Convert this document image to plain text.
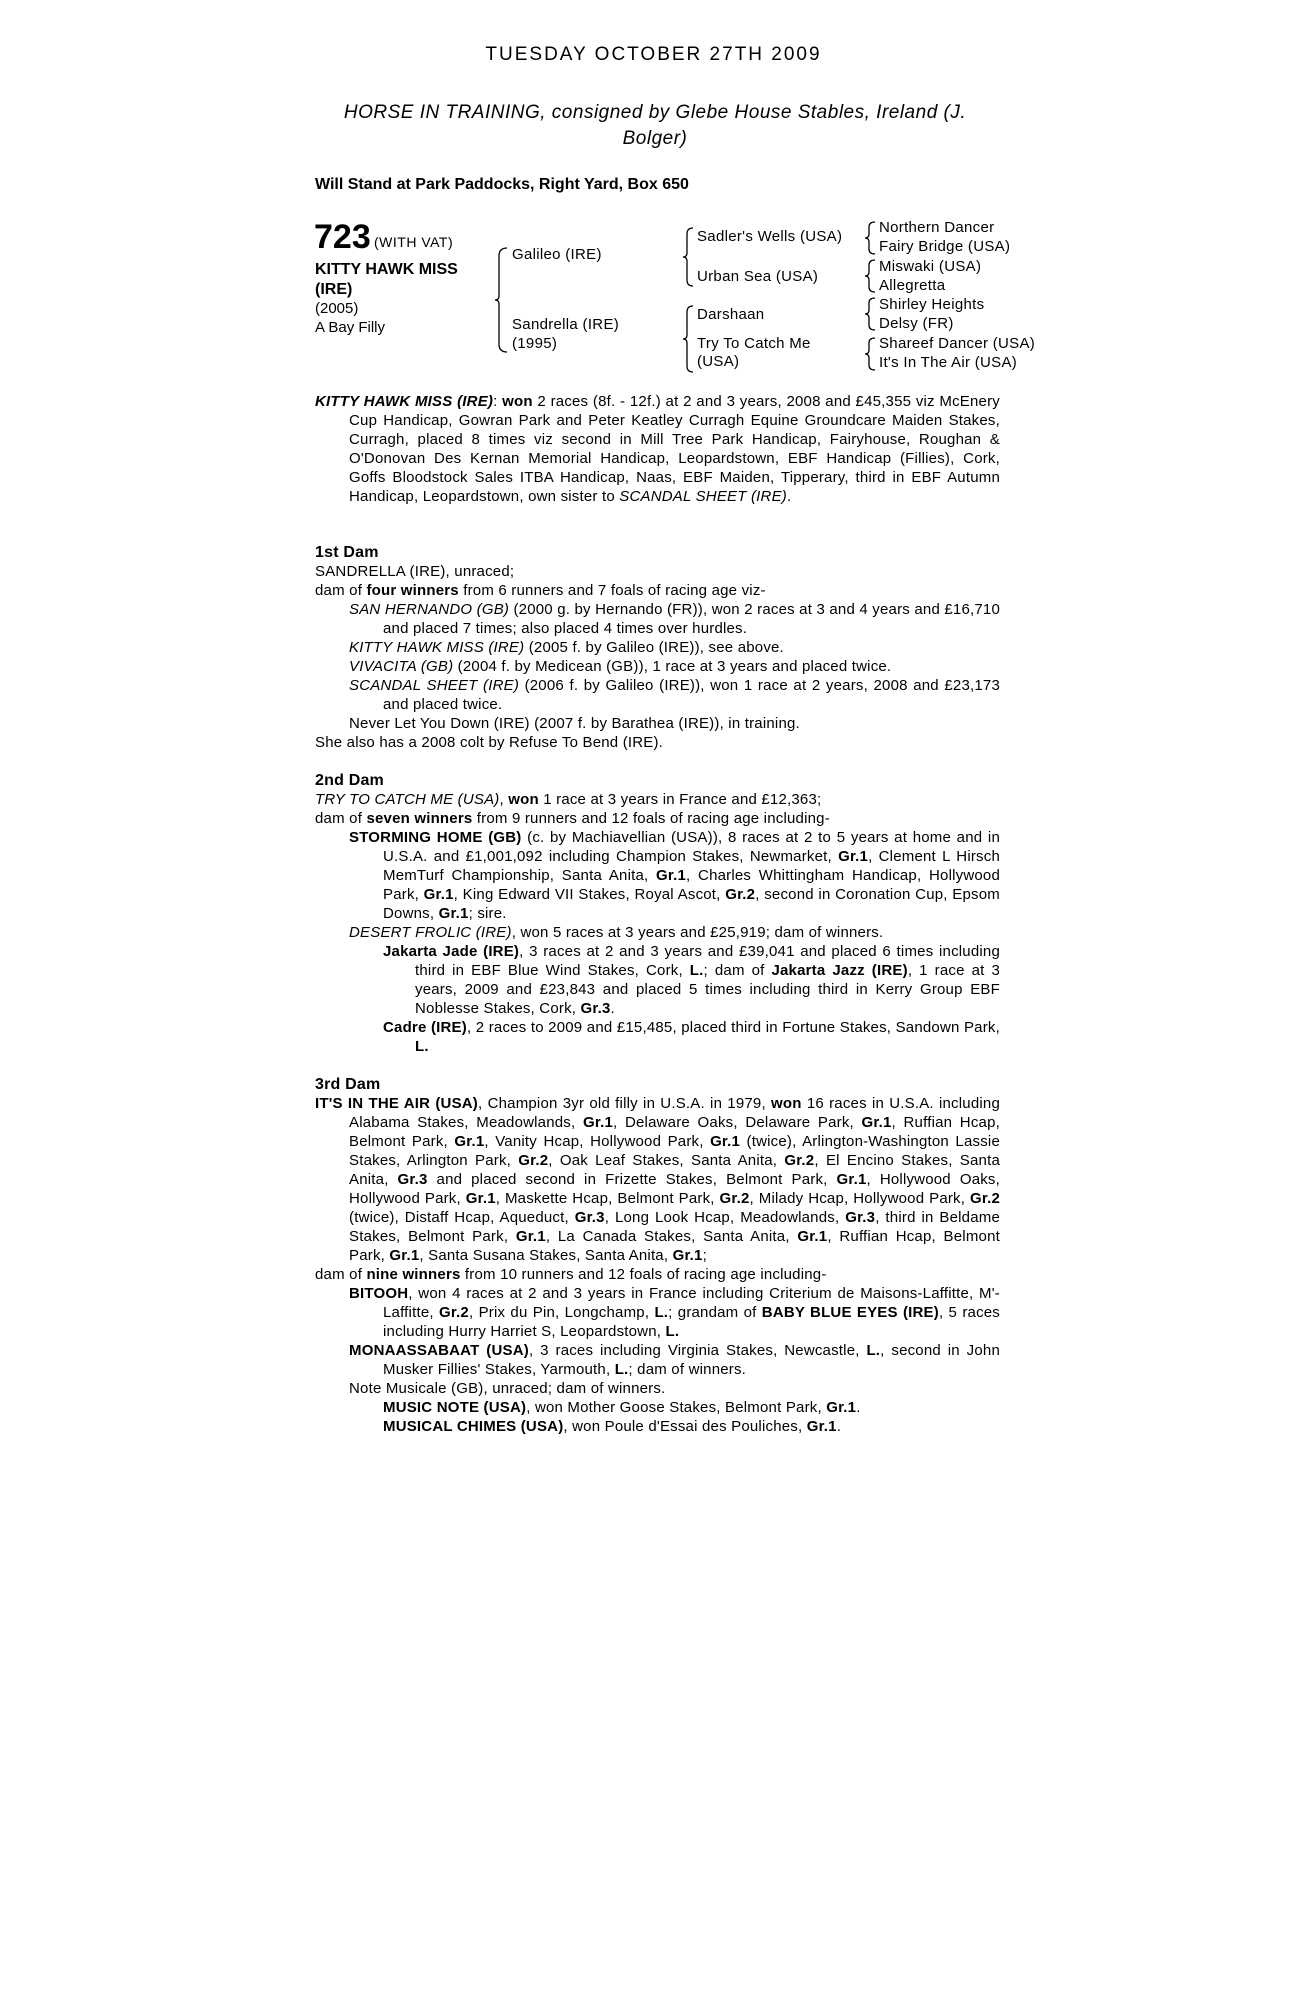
TUESDAY OCTOBER 27TH 2009
HORSE IN TRAINING, consigned by Glebe House Stables, Ireland (J.
Bolger)
Will Stand at Park Paddocks, Right Yard, Box 650
723 (WITH VAT)
KITTY HAWK MISS
(IRE)
(2005)
A Bay Filly
Galileo (IRE)
Sandrella (IRE)
(1995)
Sadler's Wells (USA)
Urban Sea (USA)
Darshaan
Try To Catch Me
(USA)
Northern Dancer
Fairy Bridge (USA)
Miswaki (USA)
Allegretta
Shirley Heights
Delsy (FR)
Shareef Dancer (USA)
It's In The Air (USA)

KITTY HAWK MISS (IRE): won 2 races (8f. - 12f.) at 2 and 3 years, 2008 and £45,355 viz McEnery Cup Handicap, Gowran Park and Peter Keatley Curragh Equine Groundcare Maiden Stakes, Curragh, placed 8 times viz second in Mill Tree Park Handicap, Fairyhouse, Roughan & O'Donovan Des Kernan Memorial Handicap, Leopardstown, EBF Handicap (Fillies), Cork, Goffs Bloodstock Sales ITBA Handicap, Naas, EBF Maiden, Tipperary, third in EBF Autumn Handicap, Leopardstown, own sister to SCANDAL SHEET (IRE).

1st Dam

SANDRELLA (IRE), unraced;

dam of four winners from 6 runners and 7 foals of racing age viz-

SAN HERNANDO (GB) (2000 g. by Hernando (FR)), won 2 races at 3 and 4 years and £16,710 and placed 7 times; also placed 4 times over hurdles.

KITTY HAWK MISS (IRE) (2005 f. by Galileo (IRE)), see above.

VIVACITA (GB) (2004 f. by Medicean (GB)), 1 race at 3 years and placed twice.

SCANDAL SHEET (IRE) (2006 f. by Galileo (IRE)), won 1 race at 2 years, 2008 and £23,173 and placed twice.

Never Let You Down (IRE) (2007 f. by Barathea (IRE)), in training.

She also has a 2008 colt by Refuse To Bend (IRE).

2nd Dam

TRY TO CATCH ME (USA), won 1 race at 3 years in France and £12,363;

dam of seven winners from 9 runners and 12 foals of racing age including-

STORMING HOME (GB) (c. by Machiavellian (USA)), 8 races at 2 to 5 years at home and in U.S.A. and £1,001,092 including Champion Stakes, Newmarket, Gr.1, Clement L Hirsch MemTurf Championship, Santa Anita, Gr.1, Charles Whittingham Handicap, Hollywood Park, Gr.1, King Edward VII Stakes, Royal Ascot, Gr.2, second in Coronation Cup, Epsom Downs, Gr.1; sire.

DESERT FROLIC (IRE), won 5 races at 3 years and £25,919; dam of winners.

Jakarta Jade (IRE), 3 races at 2 and 3 years and £39,041 and placed 6 times including third in EBF Blue Wind Stakes, Cork, L.; dam of Jakarta Jazz (IRE), 1 race at 3 years, 2009 and £23,843 and placed 5 times including third in Kerry Group EBF Noblesse Stakes, Cork, Gr.3.

Cadre (IRE), 2 races to 2009 and £15,485, placed third in Fortune Stakes, Sandown Park, L.

3rd Dam

IT'S IN THE AIR (USA), Champion 3yr old filly in U.S.A. in 1979, won 16 races in U.S.A. including Alabama Stakes, Meadowlands, Gr.1, Delaware Oaks, Delaware Park, Gr.1, Ruffian Hcap, Belmont Park, Gr.1, Vanity Hcap, Hollywood Park, Gr.1 (twice), Arlington-Washington Lassie Stakes, Arlington Park, Gr.2, Oak Leaf Stakes, Santa Anita, Gr.2, El Encino Stakes, Santa Anita, Gr.3 and placed second in Frizette Stakes, Belmont Park, Gr.1, Hollywood Oaks, Hollywood Park, Gr.1, Maskette Hcap, Belmont Park, Gr.2, Milady Hcap, Hollywood Park, Gr.2 (twice), Distaff Hcap, Aqueduct, Gr.3, Long Look Hcap, Meadowlands, Gr.3, third in Beldame Stakes, Belmont Park, Gr.1, La Canada Stakes, Santa Anita, Gr.1, Ruffian Hcap, Belmont Park, Gr.1, Santa Susana Stakes, Santa Anita, Gr.1;

dam of nine winners from 10 runners and 12 foals of racing age including-

BITOOH, won 4 races at 2 and 3 years in France including Criterium de Maisons-Laffitte, M'-Laffitte, Gr.2, Prix du Pin, Longchamp, L.; grandam of BABY BLUE EYES (IRE), 5 races including Hurry Harriet S, Leopardstown, L.

MONAASSABAAT (USA), 3 races including Virginia Stakes, Newcastle, L., second in John Musker Fillies' Stakes, Yarmouth, L.; dam of winners.

Note Musicale (GB), unraced; dam of winners.

MUSIC NOTE (USA), won Mother Goose Stakes, Belmont Park, Gr.1.

MUSICAL CHIMES (USA), won Poule d'Essai des Pouliches, Gr.1.
